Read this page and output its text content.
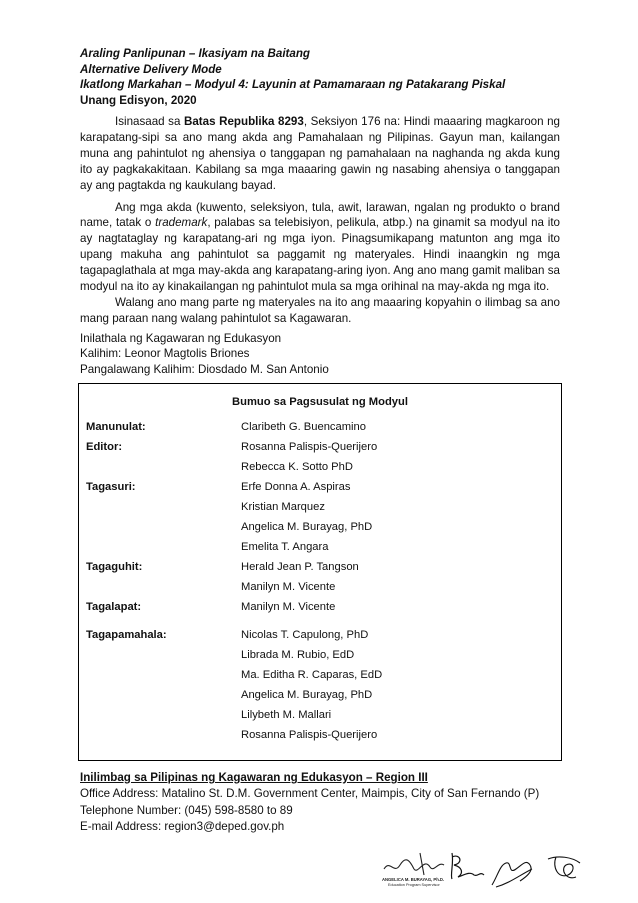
Araling Panlipunan – Ikasiyam na Baitang

Alternative Delivery Mode

Ikatlong Markahan – Modyul 4: Layunin at Pamamaraan ng Patakarang Piskal

Unang Edisyon, 2020

Isinasaad sa Batas Republika 8293, Seksiyon 176 na: Hindi maaaring magkaroon ng karapatang-sipi sa ano mang akda ang Pamahalaan ng Pilipinas. Gayun man, kailangan muna ang pahintulot ng ahensiya o tanggapan ng pamahalaan na naghanda ng akda kung ito ay pagkakakitaan. Kabilang sa mga maaaring gawin ng nasabing ahensiya o tanggapan ay ang pagtakda ng kaukulang bayad.

Ang mga akda (kuwento, seleksiyon, tula, awit, larawan, ngalan ng produkto o brand name, tatak o trademark, palabas sa telebisiyon, pelikula, atbp.) na ginamit sa modyul na ito ay nagtataglay ng karapatang-ari ng mga iyon. Pinagsumikapang matunton ang mga ito upang makuha ang pahintulot sa paggamit ng materyales. Hindi inaangkin ng mga tagapaglathala at mga may-akda ang karapatang-aring iyon. Ang ano mang gamit maliban sa modyul na ito ay kinakailangan ng pahintulot mula sa mga orihinal na may-akda ng mga ito.

Walang ano mang parte ng materyales na ito ang maaaring kopyahin o ilimbag sa ano mang paraan nang walang pahintulot sa Kagawaran.

Inilathala ng Kagawaran ng Edukasyon

Kalihim: Leonor Magtolis Briones

Pangalawang Kalihim: Diosdado M. San Antonio

Bumuo sa Pagsusulat ng Modyul
Manunulat:	Claribeth G. Buencamino
Editor:	Rosanna Palispis-Querijero
Rebecca K. Sotto PhD
Tagasuri:	Erfe Donna A. Aspiras
Kristian Marquez
Angelica M. Burayag, PhD
Emelita T. Angara
Tagaguhit:	Herald Jean P. Tangson
Manilyn M. Vicente
Tagalapat:	Manilyn M. Vicente
Tagapamahala:	Nicolas T. Capulong, PhD
Librada M. Rubio, EdD
Ma. Editha R. Caparas, EdD
Angelica M. Burayag, PhD
Lilybeth M. Mallari
Rosanna Palispis-Querijero

Inilimbag sa Pilipinas ng Kagawaran ng Edukasyon – Region III

Office Address: Matalino St. D.M. Government Center, Maimpis, City of San Fernando (P)

Telephone Number: (045) 598-8580 to 89

E-mail Address: region3@deped.gov.ph

ANGELICA M. BURAYAG, Ph.D.
Education Program Supervisor
